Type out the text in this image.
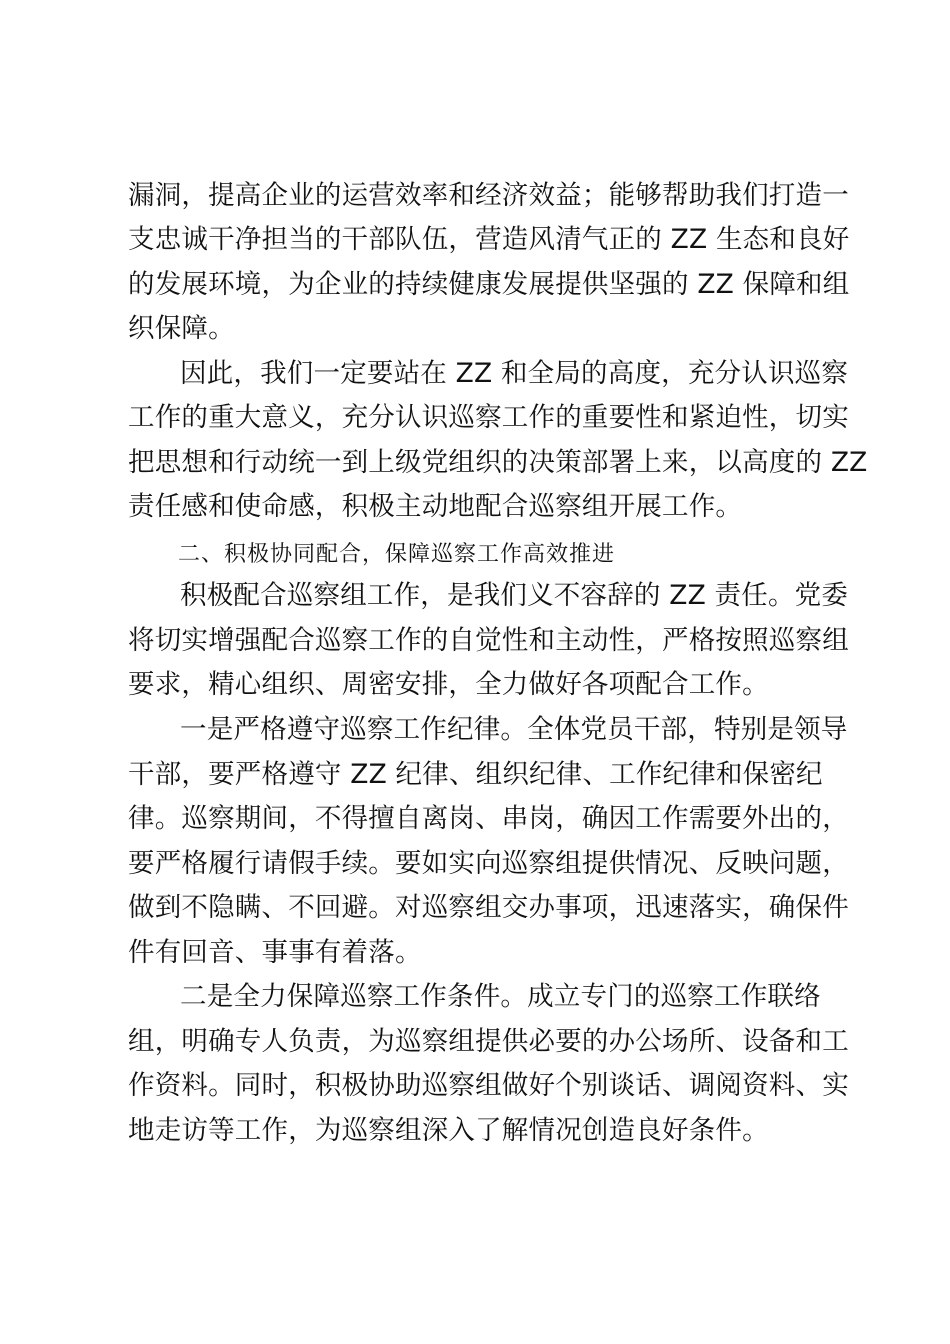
漏洞，提高企业的运营效率和经济效益；能够帮助我们打造一
支忠诚干净担当的干部队伍，营造风清气正的 ZZ 生态和良好
的发展环境，为企业的持续健康发展提供坚强的 ZZ 保障和组
织保障。
因此，我们一定要站在 ZZ 和全局的高度，充分认识巡察
工作的重大意义，充分认识巡察工作的重要性和紧迫性，切实
把思想和行动统一到上级党组织的决策部署上来，以高度的 ZZ
责任感和使命感，积极主动地配合巡察组开展工作。
二、积极协同配合，保障巡察工作高效推进
积极配合巡察组工作，是我们义不容辞的 ZZ 责任。党委
将切实增强配合巡察工作的自觉性和主动性，严格按照巡察组
要求，精心组织、周密安排，全力做好各项配合工作。
一是严格遵守巡察工作纪律。全体党员干部，特别是领导
干部，要严格遵守 ZZ 纪律、组织纪律、工作纪律和保密纪
律。巡察期间，不得擅自离岗、串岗，确因工作需要外出的，
要严格履行请假手续。要如实向巡察组提供情况、反映问题，
做到不隐瞒、不回避。对巡察组交办事项，迅速落实，确保件
件有回音、事事有着落。
二是全力保障巡察工作条件。成立专门的巡察工作联络
组，明确专人负责，为巡察组提供必要的办公场所、设备和工
作资料。同时，积极协助巡察组做好个别谈话、调阅资料、实
地走访等工作，为巡察组深入了解情况创造良好条件。
